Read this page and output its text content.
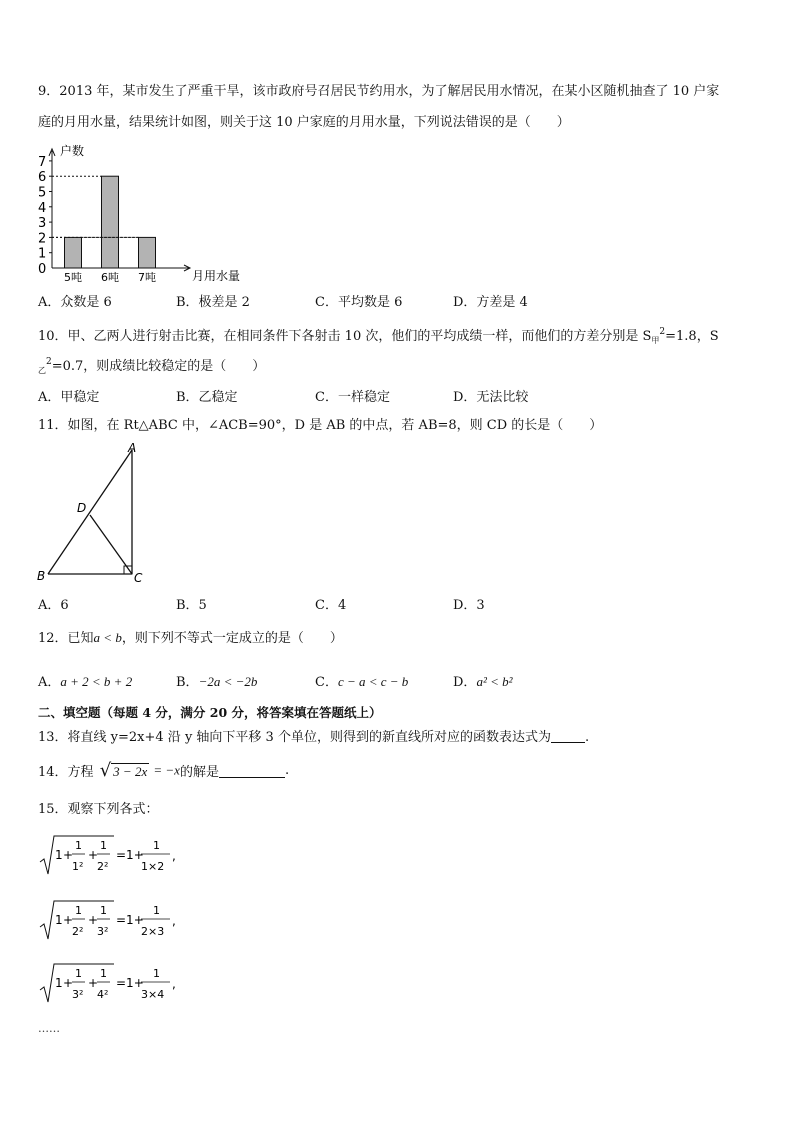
9．2013 年，某市发生了严重干旱，该市政府号召居民节约用水，为了解居民用水情况，在某小区随机抽查了 10 户家
庭的月用水量，结果统计如图，则关于这 10 户家庭的月用水量，下列说法错误的是（　　）
0
1
2
3
4
5
6
7
户数
月用水量
5吨 6吨 7吨
A．众数是 6	B．极差是 2	C．平均数是 6	D．方差是 4
10．甲、乙两人进行射击比赛，在相同条件下各射击 10 次，他们的平均成绩一样，而他们的方差分别是 $S_甲^2=1.8$，S
$_乙^2$=0.7，则成绩比较稳定的是（　　）
A．甲稳定	B．乙稳定	C．一样稳定	D．无法比较
11．如图，在 Rt△ABC 中，∠ACB=90°，D 是 AB 的中点，若 AB=8，则 CD 的长是（　　）
A
B	C
D
A．6	B．5	C．4	D．3
12．已知a < b，则下列不等式一定成立的是（　　）
A．a + 2 < b + 2	B．−2a < −2b	C．c − a < c − b	D．a² < b²
二、填空题（每题 4 分，满分 20 分，将答案填在答题纸上）
13．将直线 y=2x+4 沿 y 轴向下平移 3 个单位，则得到的新直线所对应的函数表达式为	.
14．方程 √ 3 − 2x = −x的解是	.
15．观察下列各式：
1 +
1
1²
+
1
2²
=1+
1
1×2
,
1 +
1
2²
+
1
3²
=1+
1
2×3
,
1 +
1
3²
+
1
4²
=1+
1
3×4
,
……
